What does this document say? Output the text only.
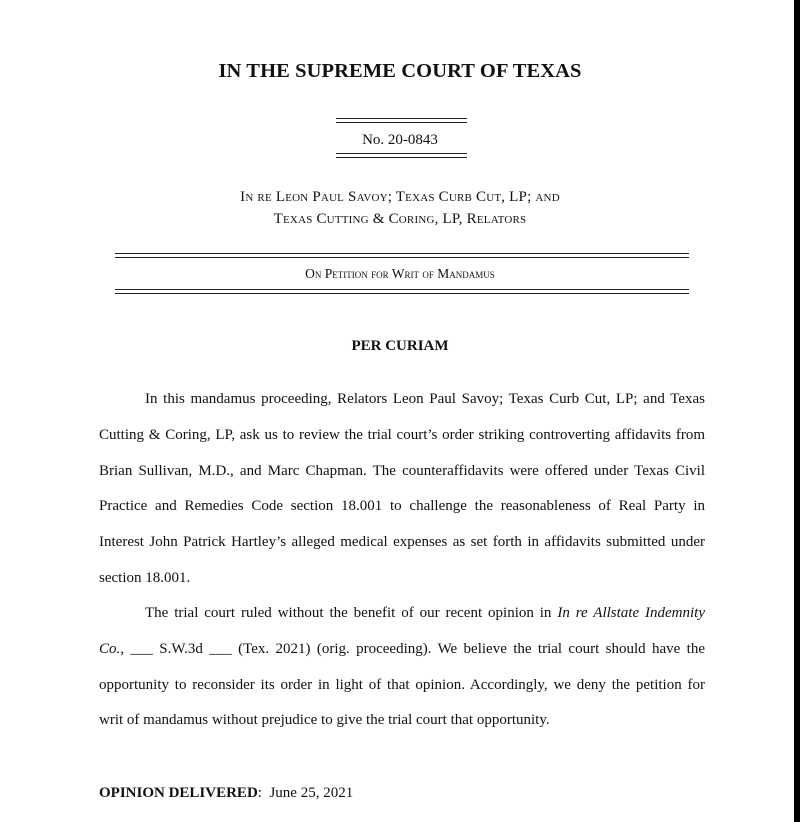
IN THE SUPREME COURT OF TEXAS
No. 20-0843
In re Leon Paul Savoy; Texas Curb Cut, LP; and
Texas Cutting & Coring, LP, Relators
On Petition for Writ of Mandamus
PER CURIAM
In this mandamus proceeding, Relators Leon Paul Savoy; Texas Curb Cut, LP; and Texas
Cutting & Coring, LP, ask us to review the trial court’s order striking controverting affidavits from
Brian Sullivan, M.D., and Marc Chapman. The counteraffidavits were offered under Texas Civil
Practice and Remedies Code section 18.001 to challenge the reasonableness of Real Party in
Interest John Patrick Hartley’s alleged medical expenses as set forth in affidavits submitted under
section 18.001.
The trial court ruled without the benefit of our recent opinion in In re Allstate Indemnity
Co., ___ S.W.3d ___ (Tex. 2021) (orig. proceeding). We believe the trial court should have the
opportunity to reconsider its order in light of that opinion. Accordingly, we deny the petition for
writ of mandamus without prejudice to give the trial court that opportunity.
OPINION DELIVERED: June 25, 2021
